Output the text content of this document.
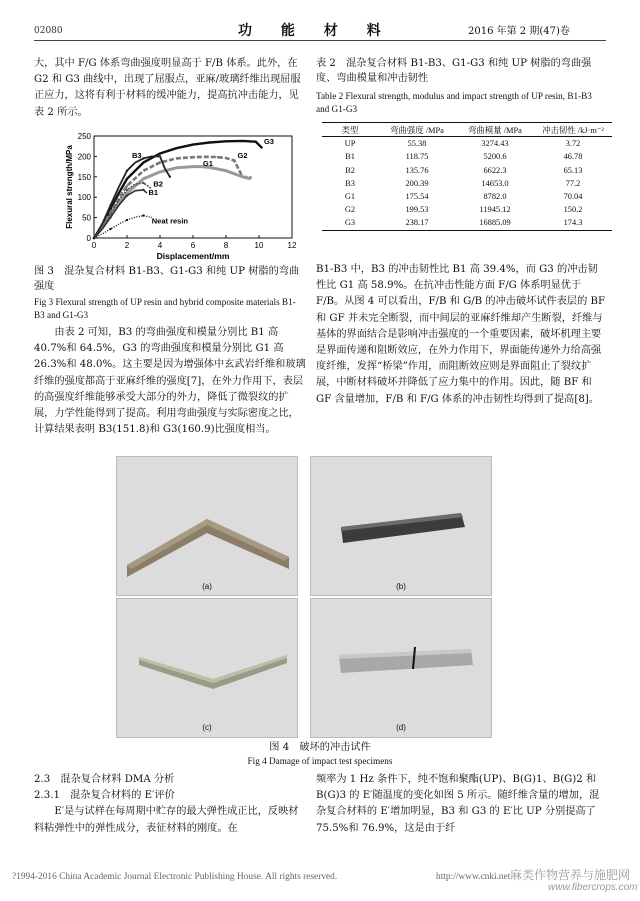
02080	功 能 材 料	2016 年第 2 期(47)卷

大，其中 F/G 体系弯曲强度明显高于 F/B 体系。此外，在 G2 和 G3 曲线中，出现了屈服点，亚麻/玻璃纤维出现屈服正应力，这将有利于材料的缓冲能力，提高抗冲击能力，见表 2 所示。

0	2	4	6	8	10	12
0
50
100
150
200
250
Displacement/mm
Flexural strength/MPa
G3
G2
G1
B3
B2
B1
Neat resin
图 3　混杂复合材料 B1-B3、G1-G3 和纯 UP 树脂的弯曲强度
Fig 3 Flexural strength of UP resin and hybrid composite materials B1-B3 and G1-G3

由表 2 可知，B3 的弯曲强度和模量分别比 B1 高 40.7%和 64.5%，G3 的弯曲强度和模量分别比 G1 高 26.3%和 48.0%。这主要是因为增强体中玄武岩纤维和玻璃纤维的强度都高于亚麻纤维的强度[7]，在外力作用下，表层的高强度纤维能够承受大部分的外力，降低了微裂纹的扩展，力学性能得到了提高。利用弯曲强度与实际密度之比，计算结果表明 B3(151.8)和 G3(160.9)比强度相当。

表 2　混杂复合材料 B1-B3、G1-G3 和纯 UP 树脂的弯曲强度、弯曲模量和冲击韧性
Table 2 Flexural strength, modulus and impact strength of UP resin, B1-B3 and G1-G3
类型	弯曲强度 /MPa	弯曲模量 /MPa	冲击韧性 /kJ·m⁻²
UP	55.38	3274.43	3.72
B1	118.75	5200.6	46.78
B2	135.76	6622.3	65.13
B3	200.39	14653.0	77.2
G1	175.54	8782.0	70.04
G2	199.53	11945.12	150.2
G3	238.17	16885.09	174.3

B1-B3 中，B3 的冲击韧性比 B1 高 39.4%，而 G3 的冲击韧性比 G1 高 58.9%。在抗冲击性能方面 F/G 体系明显优于 F/B。从图 4 可以看出，F/B 和 G/B 的冲击破坏试件表层的 BF 和 GF 并未完全断裂，而中间层的亚麻纤维却产生断裂，纤维与基体的界面结合是影响冲击强度的一个重要因素，破坏机理主要是界面传递和阻断效应，在外力作用下，界面能传递外力给高强度纤维，发挥“桥梁”作用，而阻断效应则是界面阻止了裂纹扩展，中断材料破坏并降低了应力集中的作用。因此，随 BF 和 GF 含量增加，F/B 和 F/G 体系的冲击韧性均得到了提高[8]。

(a)	(b)
(c)	(d)
图 4　破坏的冲击试件
Fig 4 Damage of impact test specimens

2.3　混杂复合材料 DMA 分析

2.3.1　混杂复合材料的 E′评价

E′是与试样在每周期中贮存的最大弹性成正比，反映材料粘弹性中的弹性成分，表征材料的刚度。在

频率为 1 Hz 条件下，纯不饱和聚酯(UP)、B(G)1、B(G)2 和 B(G)3 的 E′随温度的变化如图 5 所示。随纤维含量的增加，混杂复合材料的 E′增加明显，B3 和 G3 的 E′比 UP 分别提高了 75.5%和 76.9%，这是由于纤

?1994-2016 China Academic Journal Electronic Publishing House. All rights reserved.	http://www.cnki.net 麻类作物营养与施肥网
www.fibercrops.com
